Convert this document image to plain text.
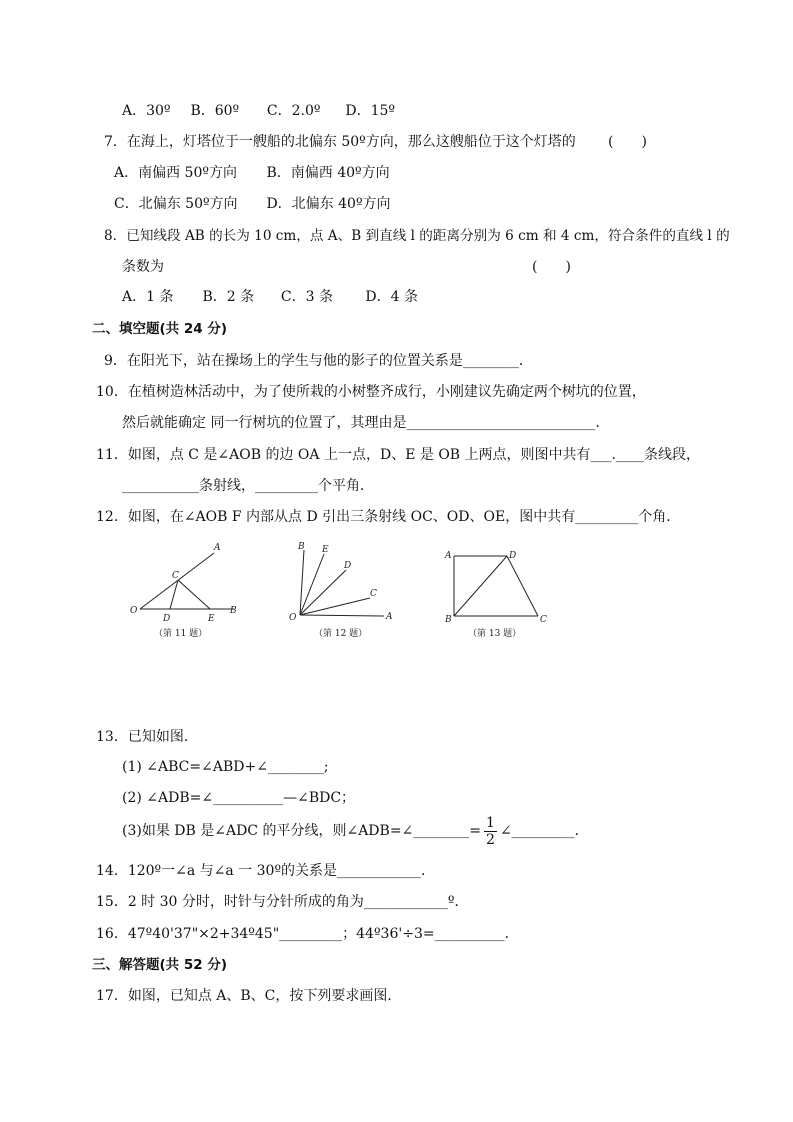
A．30º B．60º C．2.0º D．15º
7．在海上，灯塔位于一艘船的北偏东 50º方向，那么这艘船位于这个灯塔的 (　　)
A．南偏西 50º方向 B．南偏西 40º方向
C．北偏东 50º方向 D．北偏东 40º方向
8．已知线段 AB 的长为 10 cm，点 A、B 到直线 l 的距离分别为 6 cm 和 4 cm，符合条件的直线 l 的
条数为	(　　)
A．1 条 B．2 条 C．3 条 D．4 条
二、填空题(共 24 分)
9．在阳光下，站在操场上的学生与他的影子的位置关系是________．
10．在植树造林活动中，为了使所栽的小树整齐成行，小刚建议先确定两个树坑的位置，
然后就能确定 同一行树坑的位置了，其理由是___________________________．
11．如图，点 C 是∠AOB 的边 OA 上一点，D、E 是 OB 上两点，则图中共有___.____条线段，
___________条射线，_________个平角．
12．如图，在∠AOB F 内部从点 D 引出三条射线 OC、OD、OE，图中共有_________个角．
A
C
O
D	E
B
（第 11 题）
B E
D
C
O	A
（第 12 题）
A	D
B	C
（第 13 题）
13．已知如图．
(1) ∠ABC=∠ABD+∠________;
(2) ∠ADB=∠__________—∠BDC；
(3)如果 DB 是∠ADC 的平分线，则∠ADB=∠________= $\frac{1}{2}$ ∠_________．
14．120º一∠a 与∠a 一 30º的关系是____________．
15．2 时 30 分时，时针与分针所成的角为____________º．
16．47º40'37"×2+34º45"_________；44º36'÷3=__________．
三、解答题(共 52 分)
17．如图，已知点 A、B、C，按下列要求画图．
